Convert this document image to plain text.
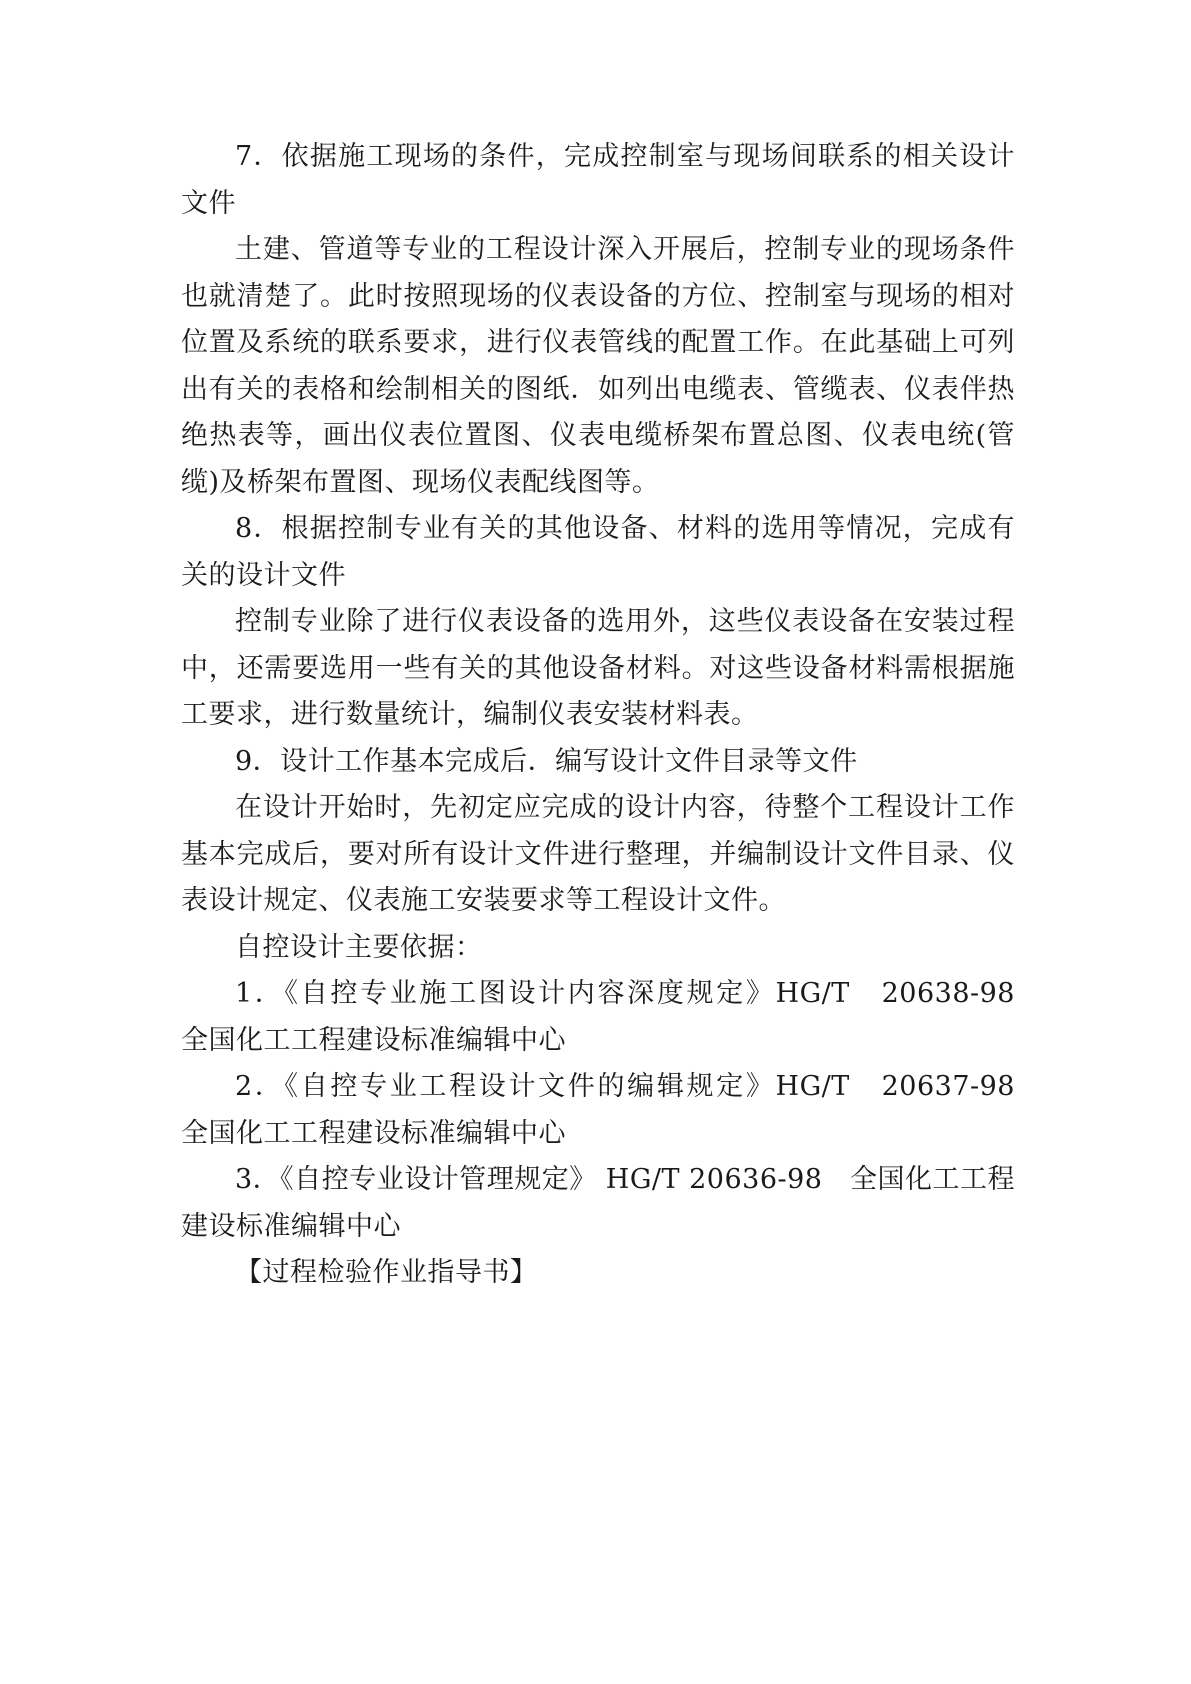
7．依据施工现场的条件，完成控制室与现场间联系的相关设计文件

土建、管道等专业的工程设计深入开展后，控制专业的现场条件也就清楚了。此时按照现场的仪表设备的方位、控制室与现场的相对位置及系统的联系要求，进行仪表管线的配置工作。在此基础上可列出有关的表格和绘制相关的图纸．如列出电缆表、管缆表、仪表伴热绝热表等，画出仪表位置图、仪表电缆桥架布置总图、仪表电统(管缆)及桥架布置图、现场仪表配线图等。

8．根据控制专业有关的其他设备、材料的选用等情况，完成有关的设计文件

控制专业除了进行仪表设备的选用外，这些仪表设备在安装过程中，还需要选用一些有关的其他设备材料。对这些设备材料需根据施工要求，进行数量统计，编制仪表安装材料表。

9．设计工作基本完成后．编写设计文件目录等文件

在设计开始时，先初定应完成的设计内容，待整个工程设计工作基本完成后，要对所有设计文件进行整理，并编制设计文件目录、仪表设计规定、仪表施工安装要求等工程设计文件。

自控设计主要依据：

1．《自控专业施工图设计内容深度规定》HG/T　20638-98　全国化工工程建设标准编辑中心

2．《自控专业工程设计文件的编辑规定》HG/T　20637-98　全国化工工程建设标准编辑中心

3．《自控专业设计管理规定》 HG/T 20636-98　全国化工工程建设标准编辑中心

【过程检验作业指导书】
